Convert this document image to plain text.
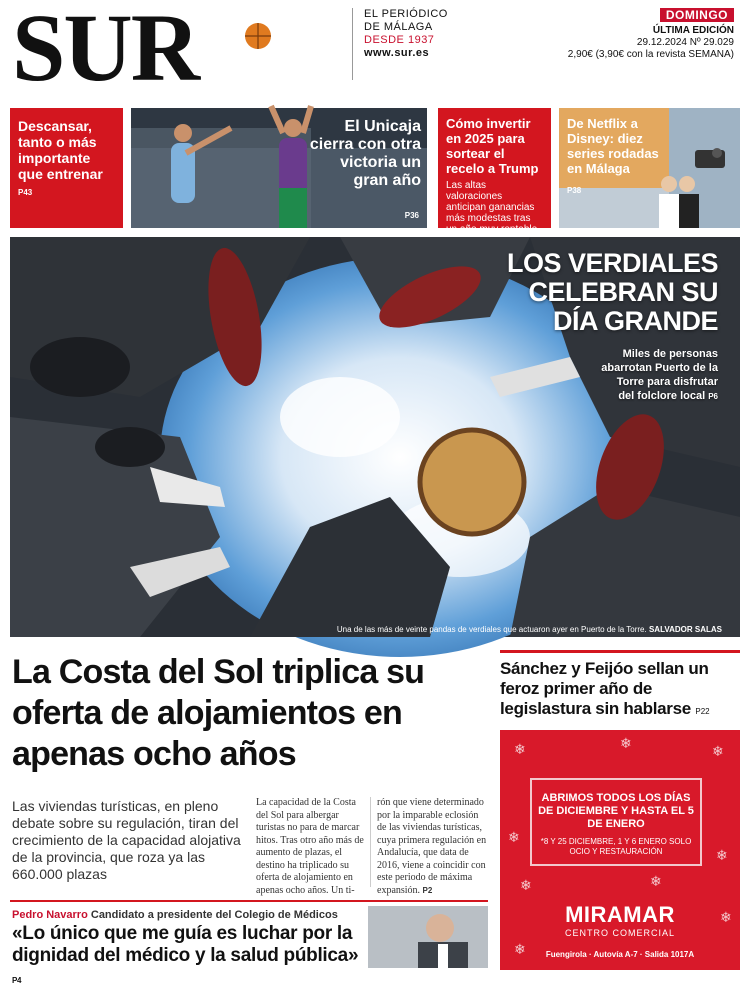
SUR	EL PERIÓDICO
DE MÁLAGA
DESDE 1937
www.sur.es
DOMINGO
ÚLTIMA EDICIÓN
29.12.2024 Nº 29.029
2,90€ (3,90€ con la revista SEMANA)
Descansar, tanto o más importante que entrenar P43
El Unicaja cierra con otra victoria un gran año
P36
Cómo invertir en 2025 para sortear el recelo a Trump
Las altas valoraciones anticipan ganancias más modestas tras un año muy rentable
De Netflix a Disney: diez series rodadas en Málaga
P38
LOS VERDIALES
CELEBRAN SU
DÍA GRANDE
Miles de personas abarrotan Puerto de la Torre para disfrutar del folclore local P6
Una de las más de veinte pandas de verdiales que actuaron ayer en Puerto de la Torre. SALVADOR SALAS
La Costa del Sol triplica su oferta de alojamientos en apenas ocho años
Las viviendas turísticas, en pleno debate sobre su regulación, tiran del crecimiento de la capacidad alojativa de la provincia, que roza ya las 660.000 plazas
La capacidad de la Costa del Sol para albergar turistas no para de marcar hitos. Tras otro año más de aumento de plazas, el destino ha triplicado su oferta de alojamiento en apenas ocho años. Un ti-
rón que viene determinado por la imparable eclosión de las viviendas turísticas, cuya primera regulación en Andalucía, que data de 2016, viene a coincidir con este periodo de máxima expansión. P2
Pedro Navarro Candidato a presidente del Colegio de Médicos
«Lo único que me guía es luchar por la dignidad del médico y la salud pública» P4
Sánchez y Feijóo sellan un feroz primer año de legislastura sin hablarse P22
❄	❄	❄
❄
❄
❄	❄
❄
❄
ABRIMOS TODOS LOS DÍAS DE DICIEMBRE Y HASTA EL 5 DE ENERO
*8 Y 25 DICIEMBRE, 1 Y 6 ENERO SOLO OCIO Y RESTAURACIÓN
MIRAMAR
CENTRO COMERCIAL
Fuengirola · Autovía A-7 · Salida 1017A
